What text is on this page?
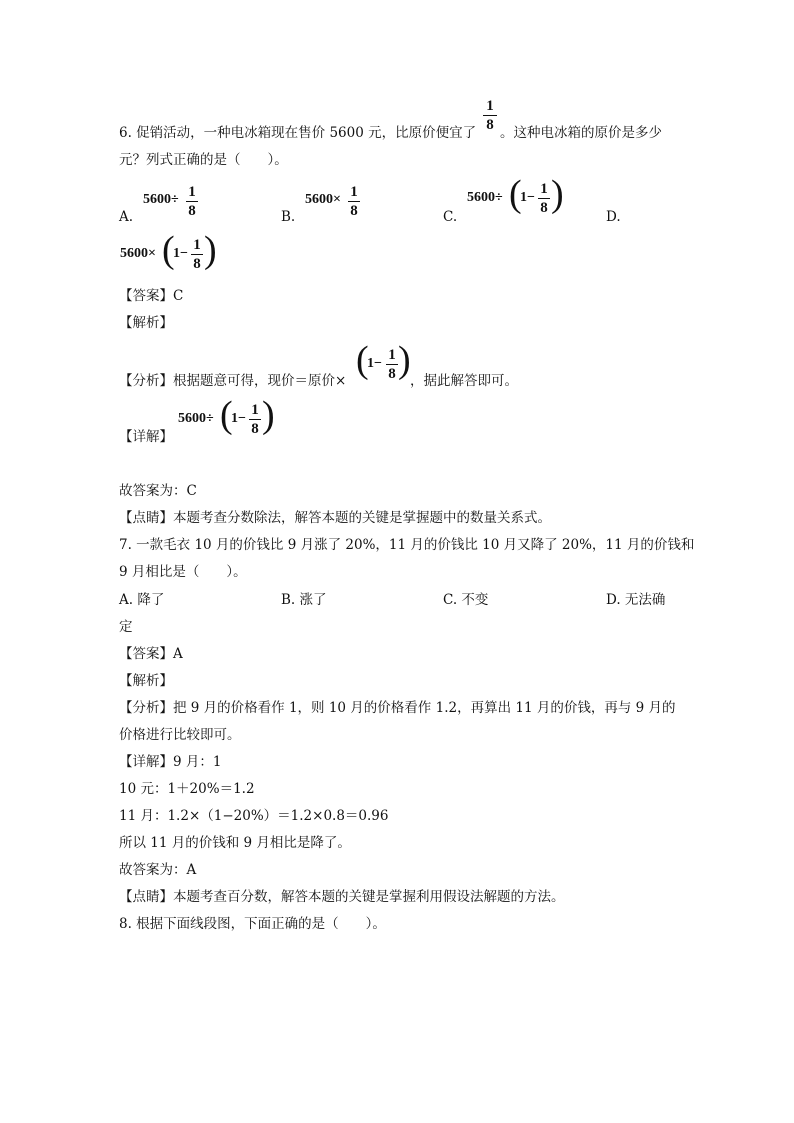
6. 促销活动，一种电冰箱现在售价 5600 元，比原价便宜了
1
8 。这种电冰箱的原价是多少
元？列式正确的是（　　）。
A.
5600÷ 1
8	B.
5600× 1
8	C.
5600÷ (
1−
1
8 )
D.
5600× (
1−
1
8 )
【答案】C
【解析】
【分析】根据题意可得，现价＝原价× (
1−
1
8 ) ，据此解答即可。
【详解】
5600÷ (
1−
1
8 )
故答案为：C
【点睛】本题考查分数除法，解答本题的关键是掌握题中的数量关系式。
7. 一款毛衣 10 月的价钱比 9 月涨了 20%，11 月的价钱比 10 月又降了 20%，11 月的价钱和
9 月相比是（　　）。
A. 降了	B. 涨了	C. 不变	D. 无法确
定
【答案】A
【解析】
【分析】把 9 月的价格看作 1，则 10 月的价格看作 1.2，再算出 11 月的价钱，再与 9 月的
价格进行比较即可。
【详解】9 月：1
10 元：1＋20%＝1.2
11 月：1.2×（1−20%）＝1.2×0.8＝0.96
所以 11 月的价钱和 9 月相比是降了。
故答案为：A
【点睛】本题考查百分数，解答本题的关键是掌握利用假设法解题的方法。
8. 根据下面线段图，下面正确的是（　　）。
